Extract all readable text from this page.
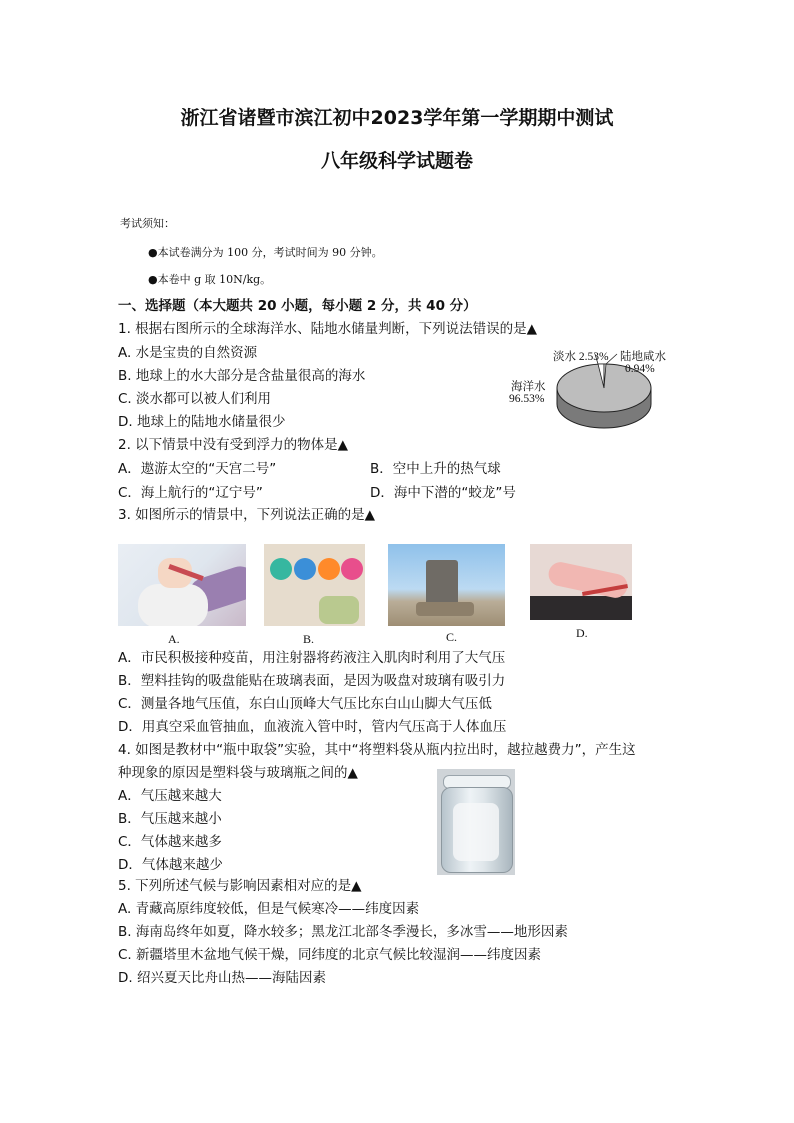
浙江省诸暨市滨江初中2023学年第一学期期中测试
八年级科学试题卷
考试须知：
●本试卷满分为 100 分，考试时间为 90 分钟。
●本卷中 g 取 10N/kg。
一、选择题（本大题共 20 小题，每小题 2 分，共 40 分）
1. 根据右图所示的全球海洋水、陆地水储量判断，下列说法错误的是▲
A. 水是宝贵的自然资源
B. 地球上的水大部分是含盐量很高的海水
C. 淡水都可以被人们利用
D. 地球上的陆地水储量很少
淡水 2.53% 陆地咸水
0.94%
海洋水
96.53%
2. 以下情景中没有受到浮力的物体是▲
A．遨游太空的“天宫二号”	B．空中上升的热气球
C．海上航行的“辽宁号”	D．海中下潜的“蛟龙”号
3. 如图所示的情景中，下列说法正确的是▲
A.	B.	C.	D.
A．市民积极接种疫苗，用注射器将药液注入肌肉时利用了大气压
B．塑料挂钩的吸盘能贴在玻璃表面，是因为吸盘对玻璃有吸引力
C．测量各地气压值，东白山顶峰大气压比东白山山脚大气压低
D．用真空采血管抽血，血液流入管中时，管内气压高于人体血压
4. 如图是教材中“瓶中取袋”实验，其中“将塑料袋从瓶内拉出时，越拉越费力”，产生这
种现象的原因是塑料袋与玻璃瓶之间的▲
A．气压越来越大
B．气压越来越小
C．气体越来越多
D．气体越来越少
5. 下列所述气候与影响因素相对应的是▲
A. 青藏高原纬度较低，但是气候寒冷——纬度因素
B. 海南岛终年如夏，降水较多；黑龙江北部冬季漫长，多冰雪——地形因素
C. 新疆塔里木盆地气候干燥，同纬度的北京气候比较湿润——纬度因素
D. 绍兴夏天比舟山热——海陆因素
